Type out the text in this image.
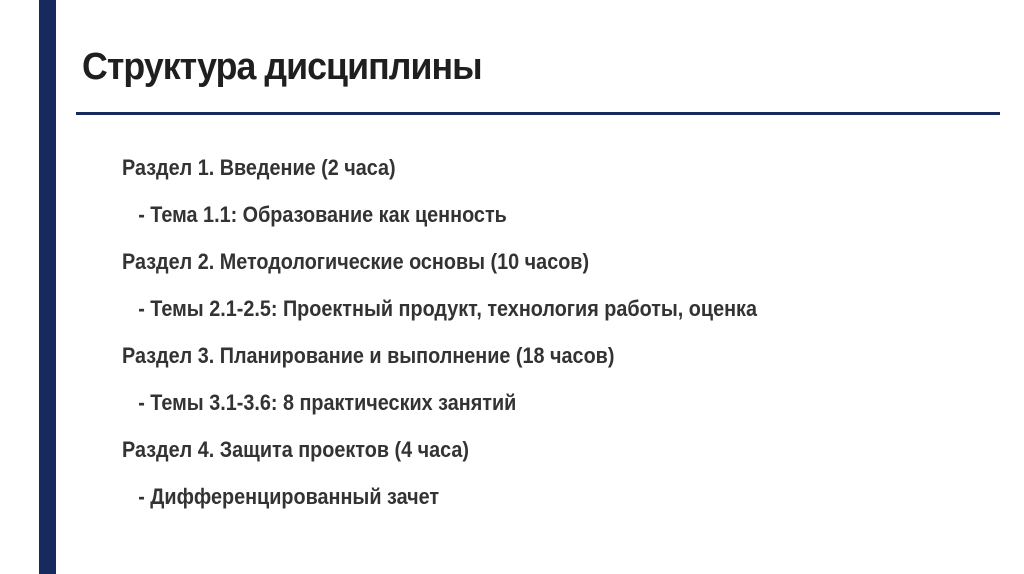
Структура дисциплины
Раздел 1. Введение (2 часа)
- Тема 1.1: Образование как ценность
Раздел 2. Методологические основы (10 часов)
- Темы 2.1-2.5: Проектный продукт, технология работы, оценка
Раздел 3. Планирование и выполнение (18 часов)
- Темы 3.1-3.6: 8 практических занятий
Раздел 4. Защита проектов (4 часа)
- Дифференцированный зачет
